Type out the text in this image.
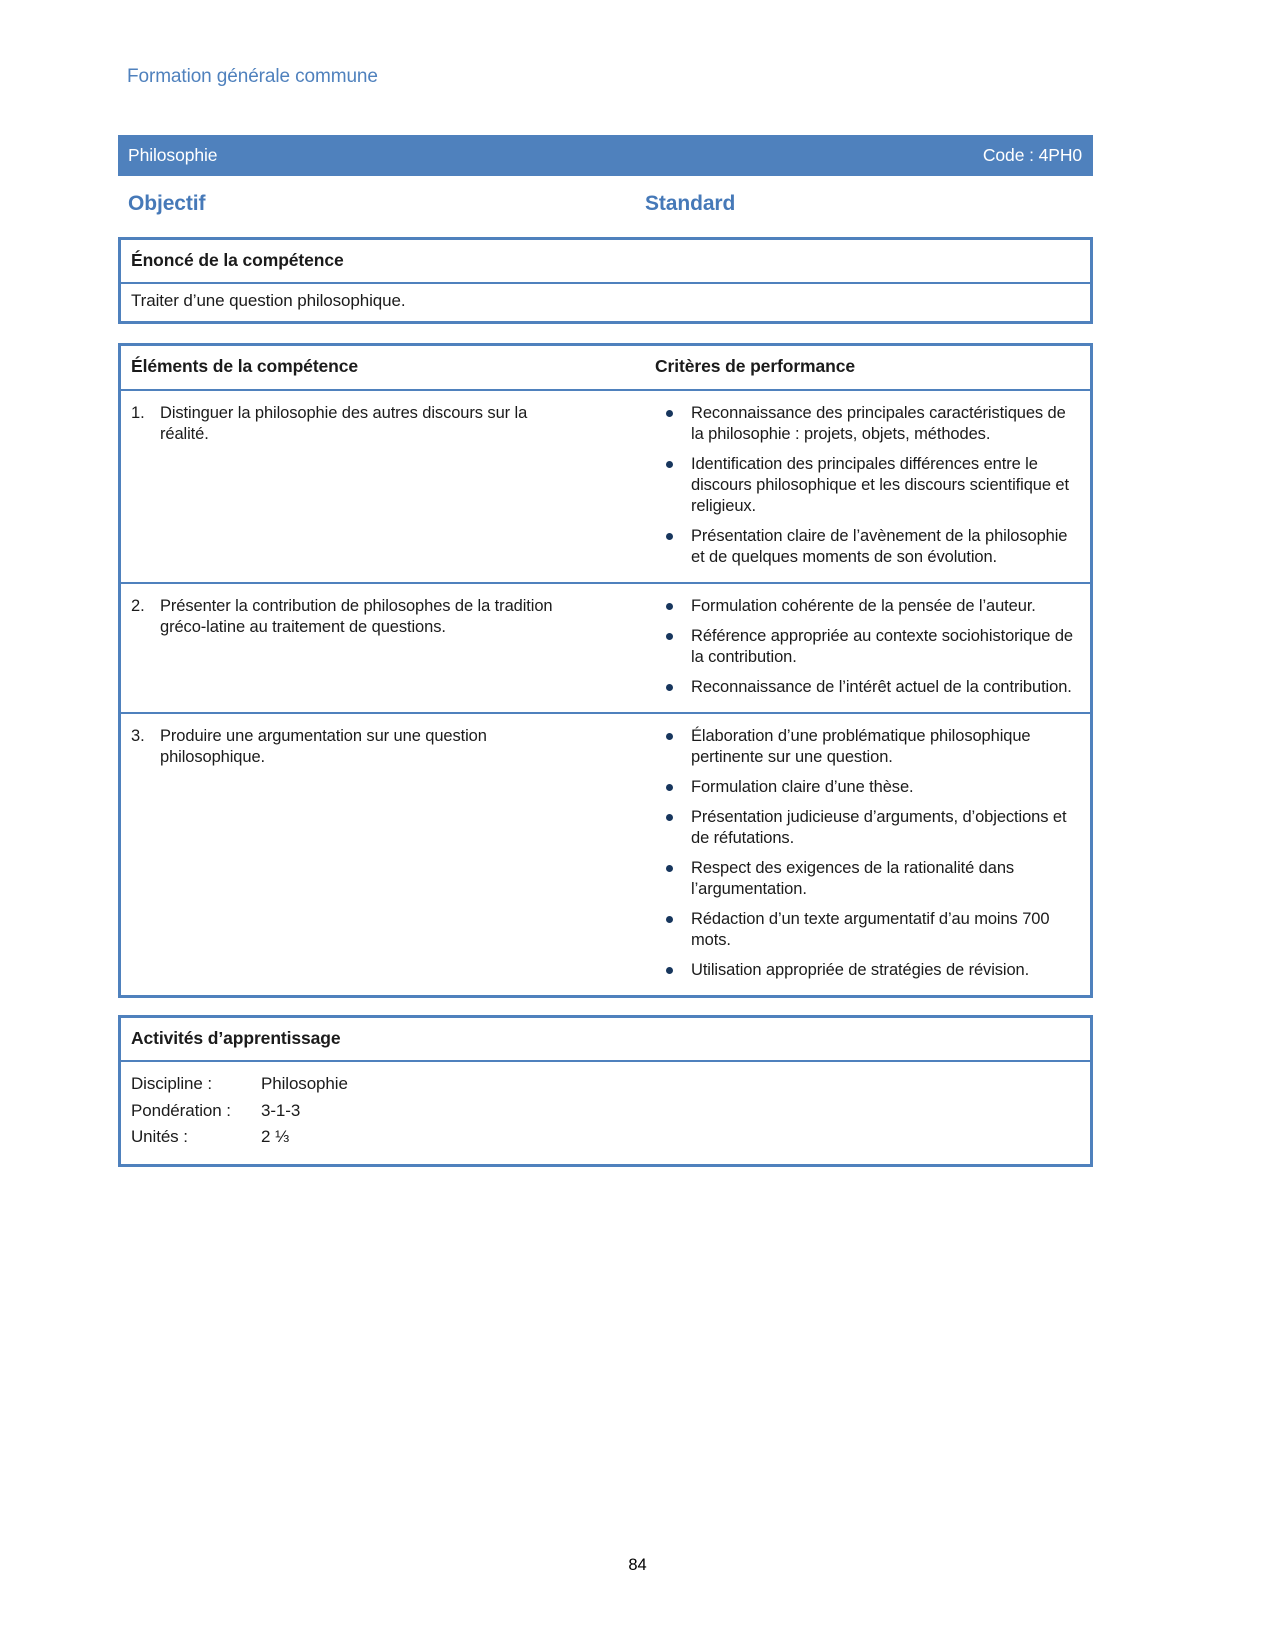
Formation générale commune
Philosophie	Code : 4PH0
Objectif	Standard
Énoncé de la compétence
Traiter d’une question philosophique.
Éléments de la compétence	Critères de performance
1. Distinguer la philosophie des autres discours sur la réalité.
Reconnaissance des principales caractéristiques de la philosophie : projets, objets, méthodes.
Identification des principales différences entre le discours philosophique et les discours scientifique et religieux.
Présentation claire de l’avènement de la philosophie et de quelques moments de son évolution.
2. Présenter la contribution de philosophes de la tradition gréco-latine au traitement de questions.
Formulation cohérente de la pensée de l’auteur.
Référence appropriée au contexte sociohistorique de la contribution.
Reconnaissance de l’intérêt actuel de la contribution.
3. Produire une argumentation sur une question philosophique.
Élaboration d’une problématique philosophique pertinente sur une question.
Formulation claire d’une thèse.
Présentation judicieuse d’arguments, d’objections et de réfutations.
Respect des exigences de la rationalité dans l’argumentation.
Rédaction d’un texte argumentatif d’au moins 700 mots.
Utilisation appropriée de stratégies de révision.
Activités d’apprentissage
Discipline :	Philosophie
Pondération :	3-1-3
Unités :	2 ⅓
84
